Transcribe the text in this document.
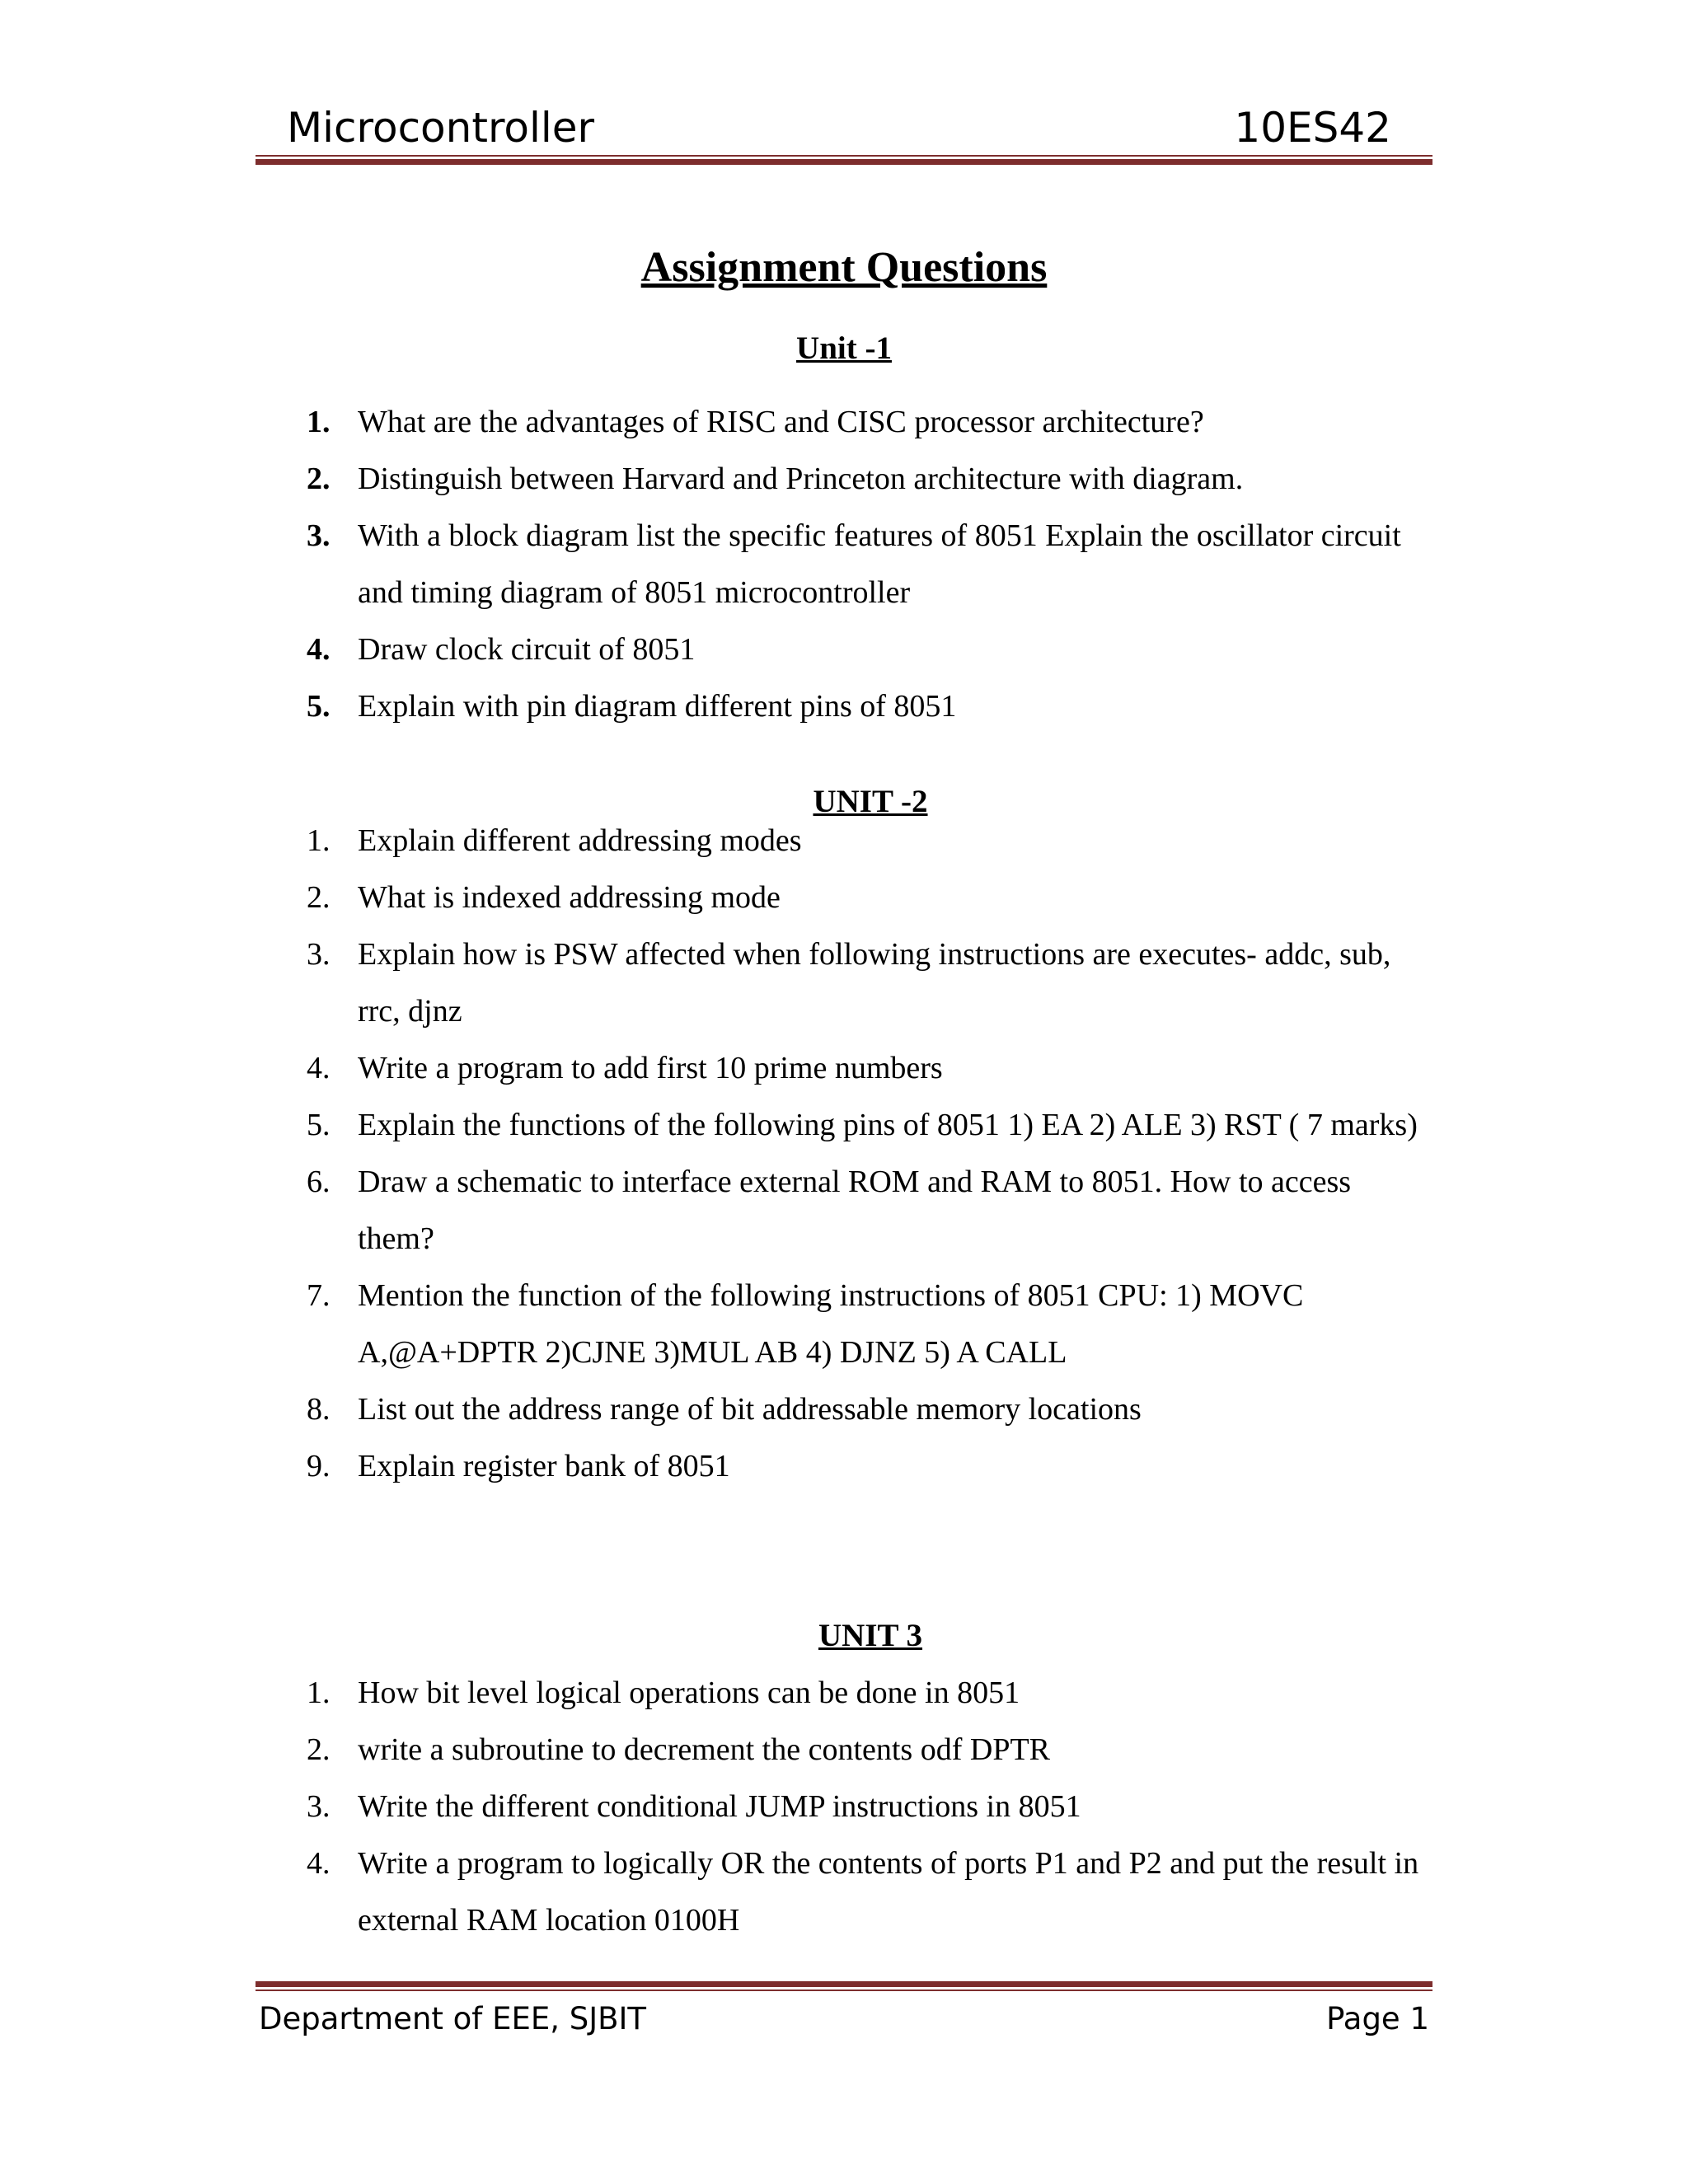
Microcontroller	10ES42
Assignment Questions
Unit -1
1. What are the advantages of RISC and CISC processor architecture?
2. Distinguish between Harvard and Princeton architecture with diagram.
3. With a block diagram list the specific features of 8051 Explain the oscillator circuit and timing diagram of 8051 microcontroller
4. Draw clock circuit of 8051
5. Explain with pin diagram different pins of 8051
UNIT -2
1. Explain different addressing modes
2. What is indexed addressing mode
3. Explain how is PSW affected when following instructions are executes- addc, sub, rrc, djnz
4. Write a program to add first 10 prime numbers
5. Explain the functions of the following pins of 8051 1) EA 2) ALE 3) RST ( 7 marks)
6. Draw a schematic to interface external ROM and RAM to 8051. How to access them?
7. Mention the function of the following instructions of 8051 CPU: 1) MOVC A,@A+DPTR 2)CJNE 3)MUL AB 4) DJNZ 5) A CALL
8. List out the address range of bit addressable memory locations
9. Explain register bank of 8051
UNIT 3
1. How bit level logical operations can be done in 8051
2. write a subroutine to decrement the contents odf DPTR
3. Write the different conditional JUMP instructions in 8051
4. Write a program to logically OR the contents of ports P1 and P2 and put the result in external RAM location 0100H
Department of EEE, SJBIT	Page 1
